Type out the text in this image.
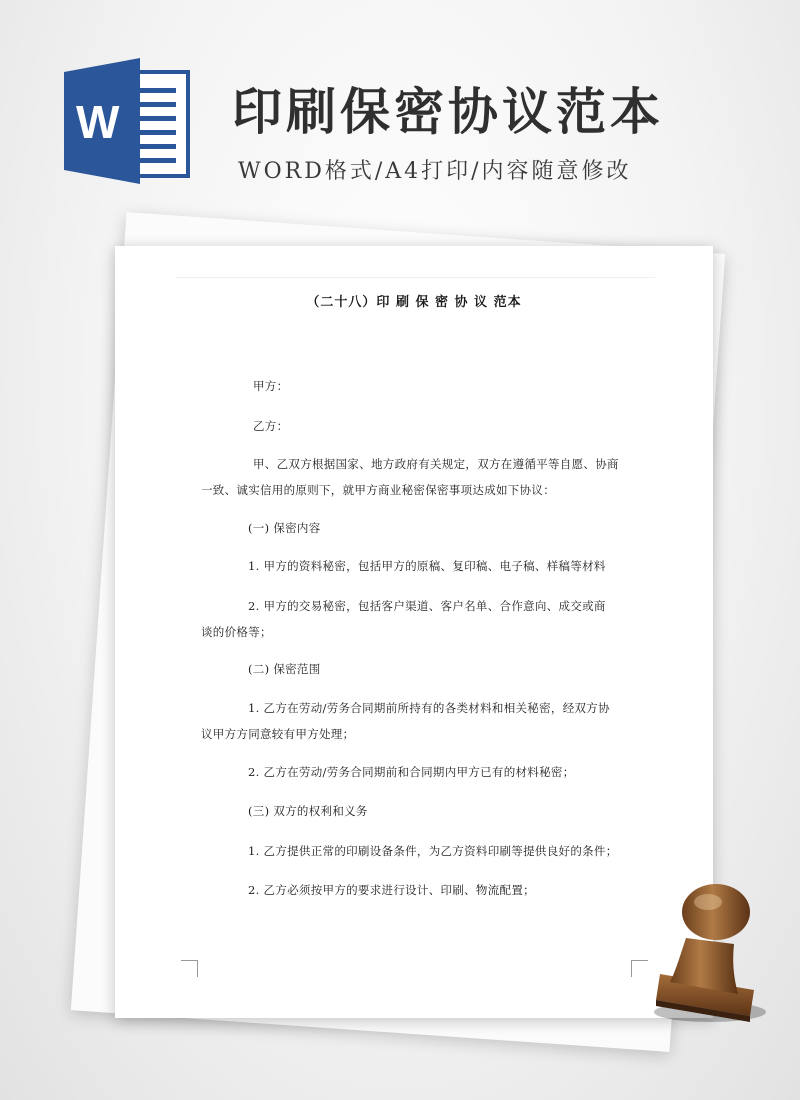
W 印刷保密协议范本

WORD格式/A4打印/内容随意修改

（二十八）印 刷 保 密 协 议 范本
甲方：
乙方：
甲、乙双方根据国家、地方政府有关规定，双方在遵循平等自愿、协商
一致、诚实信用的原则下，就甲方商业秘密保密事项达成如下协议：
(一) 保密内容
1. 甲方的资料秘密，包括甲方的原稿、复印稿、电子稿、样稿等材料
2. 甲方的交易秘密，包括客户渠道、客户名单、合作意向、成交或商
谈的价格等；
(二) 保密范围
1. 乙方在劳动/劳务合同期前所持有的各类材料和相关秘密，经双方协
议甲方方同意较有甲方处理；
2. 乙方在劳动/劳务合同期前和合同期内甲方已有的材料秘密；
(三) 双方的权利和义务
1. 乙方提供正常的印刷设备条件，为乙方资料印刷等提供良好的条件；
2. 乙方必须按甲方的要求进行设计、印刷、物流配置；
